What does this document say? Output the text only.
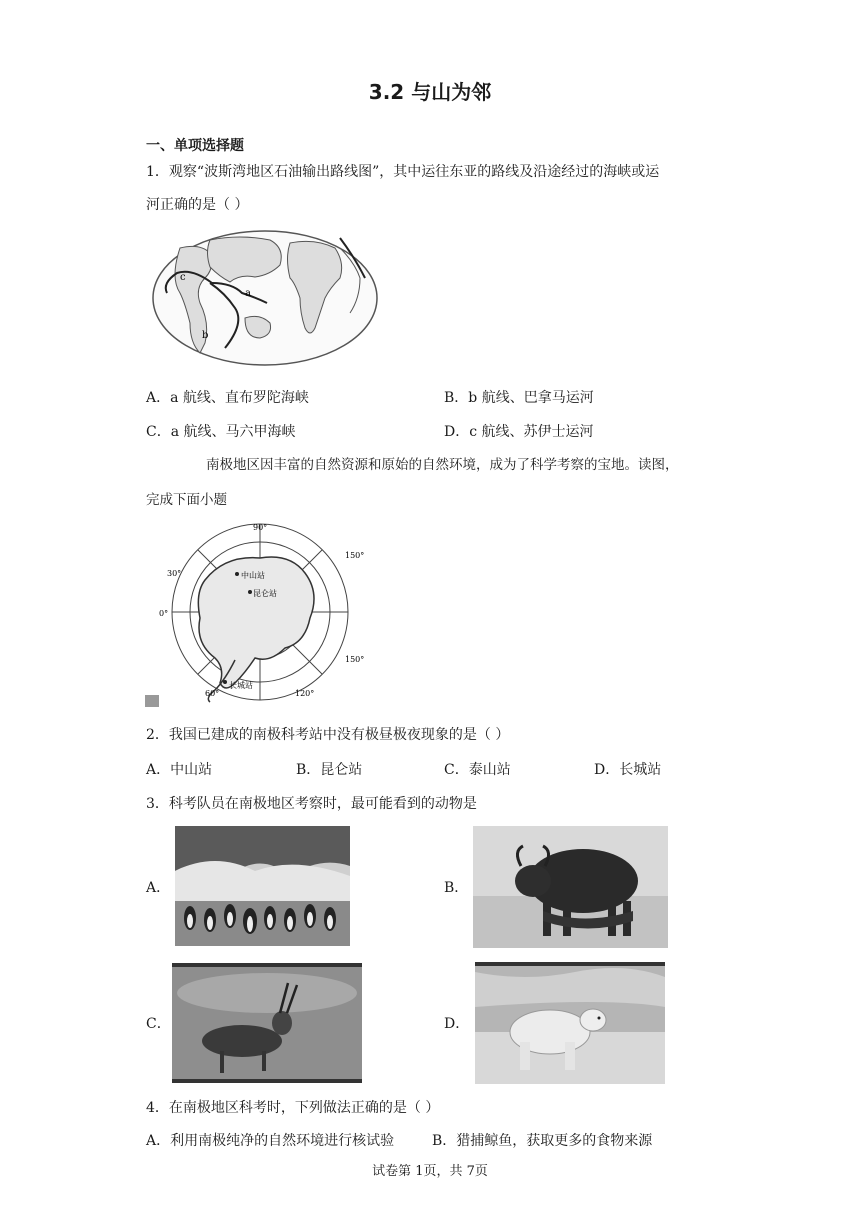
3.2 与山为邻
一、单项选择题
1．观察“波斯湾地区石油输出路线图”，其中运往东亚的路线及沿途经过的海峡或运
河正确的是（ ）
c
a
b
A．a 航线、直布罗陀海峡	B．b 航线、巴拿马运河
C．a 航线、马六甲海峡	D．c 航线、苏伊士运河
南极地区因丰富的自然资源和原始的自然环境，成为了科学考察的宝地。读图，
完成下面小题
90°
中山站
昆仑站
长城站
150°
150°
60°	120°
30°
0°
2．我国已建成的南极科考站中没有极昼极夜现象的是（ ）
A．中山站	B．昆仑站	C．泰山站	D．长城站
3．科考队员在南极地区考察时，最可能看到的动物是
A．	B．
C．	D．
4．在南极地区科考时，下列做法正确的是（ ）
A．利用南极纯净的自然环境进行核试验	B．猎捕鲸鱼，获取更多的食物来源
试卷第 1页，共 7页
